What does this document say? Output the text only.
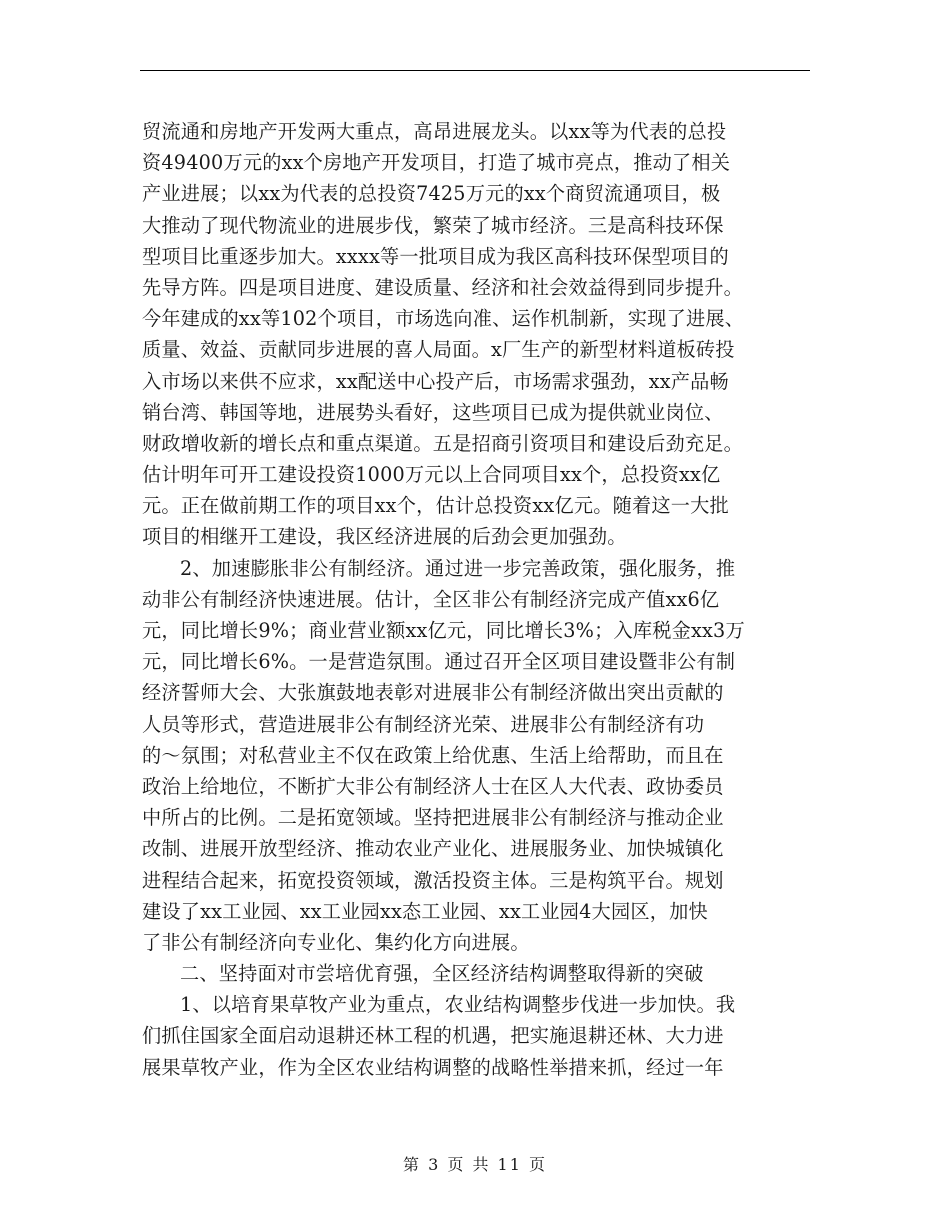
贸流通和房地产开发两大重点，高昂进展龙头。以xx等为代表的总投
资49400万元的xx个房地产开发项目，打造了城市亮点，推动了相关
产业进展；以xx为代表的总投资7425万元的xx个商贸流通项目，极
大推动了现代物流业的进展步伐，繁荣了城市经济。三是高科技环保
型项目比重逐步加大。xxxx等一批项目成为我区高科技环保型项目的
先导方阵。四是项目进度、建设质量、经济和社会效益得到同步提升。
今年建成的xx等102个项目，市场选向准、运作机制新，实现了进展、
质量、效益、贡献同步进展的喜人局面。x厂生产的新型材料道板砖投
入市场以来供不应求，xx配送中心投产后，市场需求强劲，xx产品畅
销台湾、韩国等地，进展势头看好，这些项目已成为提供就业岗位、
财政增收新的增长点和重点渠道。五是招商引资项目和建设后劲充足。
估计明年可开工建设投资1000万元以上合同项目xx个，总投资xx亿
元。正在做前期工作的项目xx个，估计总投资xx亿元。随着这一大批
项目的相继开工建设，我区经济进展的后劲会更加强劲。
2、加速膨胀非公有制经济。通过进一步完善政策，强化服务，推
动非公有制经济快速进展。估计，全区非公有制经济完成产值xx6亿
元，同比增长9%；商业营业额xx亿元，同比增长3%；入库税金xx3万
元，同比增长6%。一是营造氛围。通过召开全区项目建设暨非公有制
经济誓师大会、大张旗鼓地表彰对进展非公有制经济做出突出贡献的
人员等形式，营造进展非公有制经济光荣、进展非公有制经济有功
的～氛围；对私营业主不仅在政策上给优惠、生活上给帮助，而且在
政治上给地位，不断扩大非公有制经济人士在区人大代表、政协委员
中所占的比例。二是拓宽领域。坚持把进展非公有制经济与推动企业
改制、进展开放型经济、推动农业产业化、进展服务业、加快城镇化
进程结合起来，拓宽投资领域，激活投资主体。三是构筑平台。规划
建设了xx工业园、xx工业园xx态工业园、xx工业园4大园区，加快
了非公有制经济向专业化、集约化方向进展。
二、坚持面对市尝培优育强，全区经济结构调整取得新的突破
1、以培育果草牧产业为重点，农业结构调整步伐进一步加快。我
们抓住国家全面启动退耕还林工程的机遇，把实施退耕还林、大力进
展果草牧产业，作为全区农业结构调整的战略性举措来抓，经过一年
第 3 页 共 11 页
